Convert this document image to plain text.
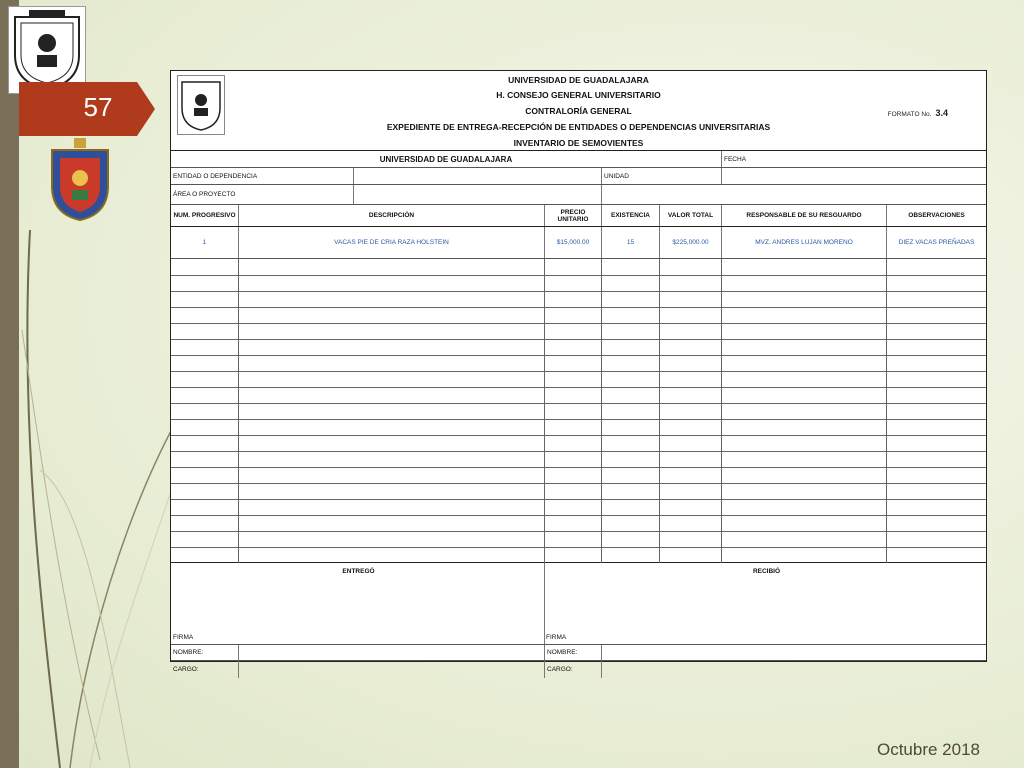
57
UNIVERSIDAD DE GUADALAJARA
H. CONSEJO GENERAL UNIVERSITARIO
CONTRALORÍA GENERAL
EXPEDIENTE DE ENTREGA-RECEPCIÓN DE ENTIDADES O DEPENDENCIAS UNIVERSITARIAS
INVENTARIO DE SEMOVIENTES
FORMATO No. 3.4
UNIVERSIDAD DE GUADALAJARA	FECHA
ENTIDAD O DEPENDENCIA	UNIDAD
ÁREA O PROYECTO
NUM. PROGRESIVO	DESCRIPCIÓN	PRECIO UNITARIO	EXISTENCIA	VALOR TOTAL	RESPONSABLE DE SU RESGUARDO	OBSERVACIONES
1	VACAS PIE DE CRIA RAZA HOLSTEIN	$15,000.00	15	$225,000.00	MVZ. ANDRES LUJAN MORENO	DIEZ VACAS PREÑADAS
ENTREGÓ	RECIBIÓ
FIRMA	FIRMA
NOMBRE:	NOMBRE:
CARGO:	CARGO:
Octubre 2018
